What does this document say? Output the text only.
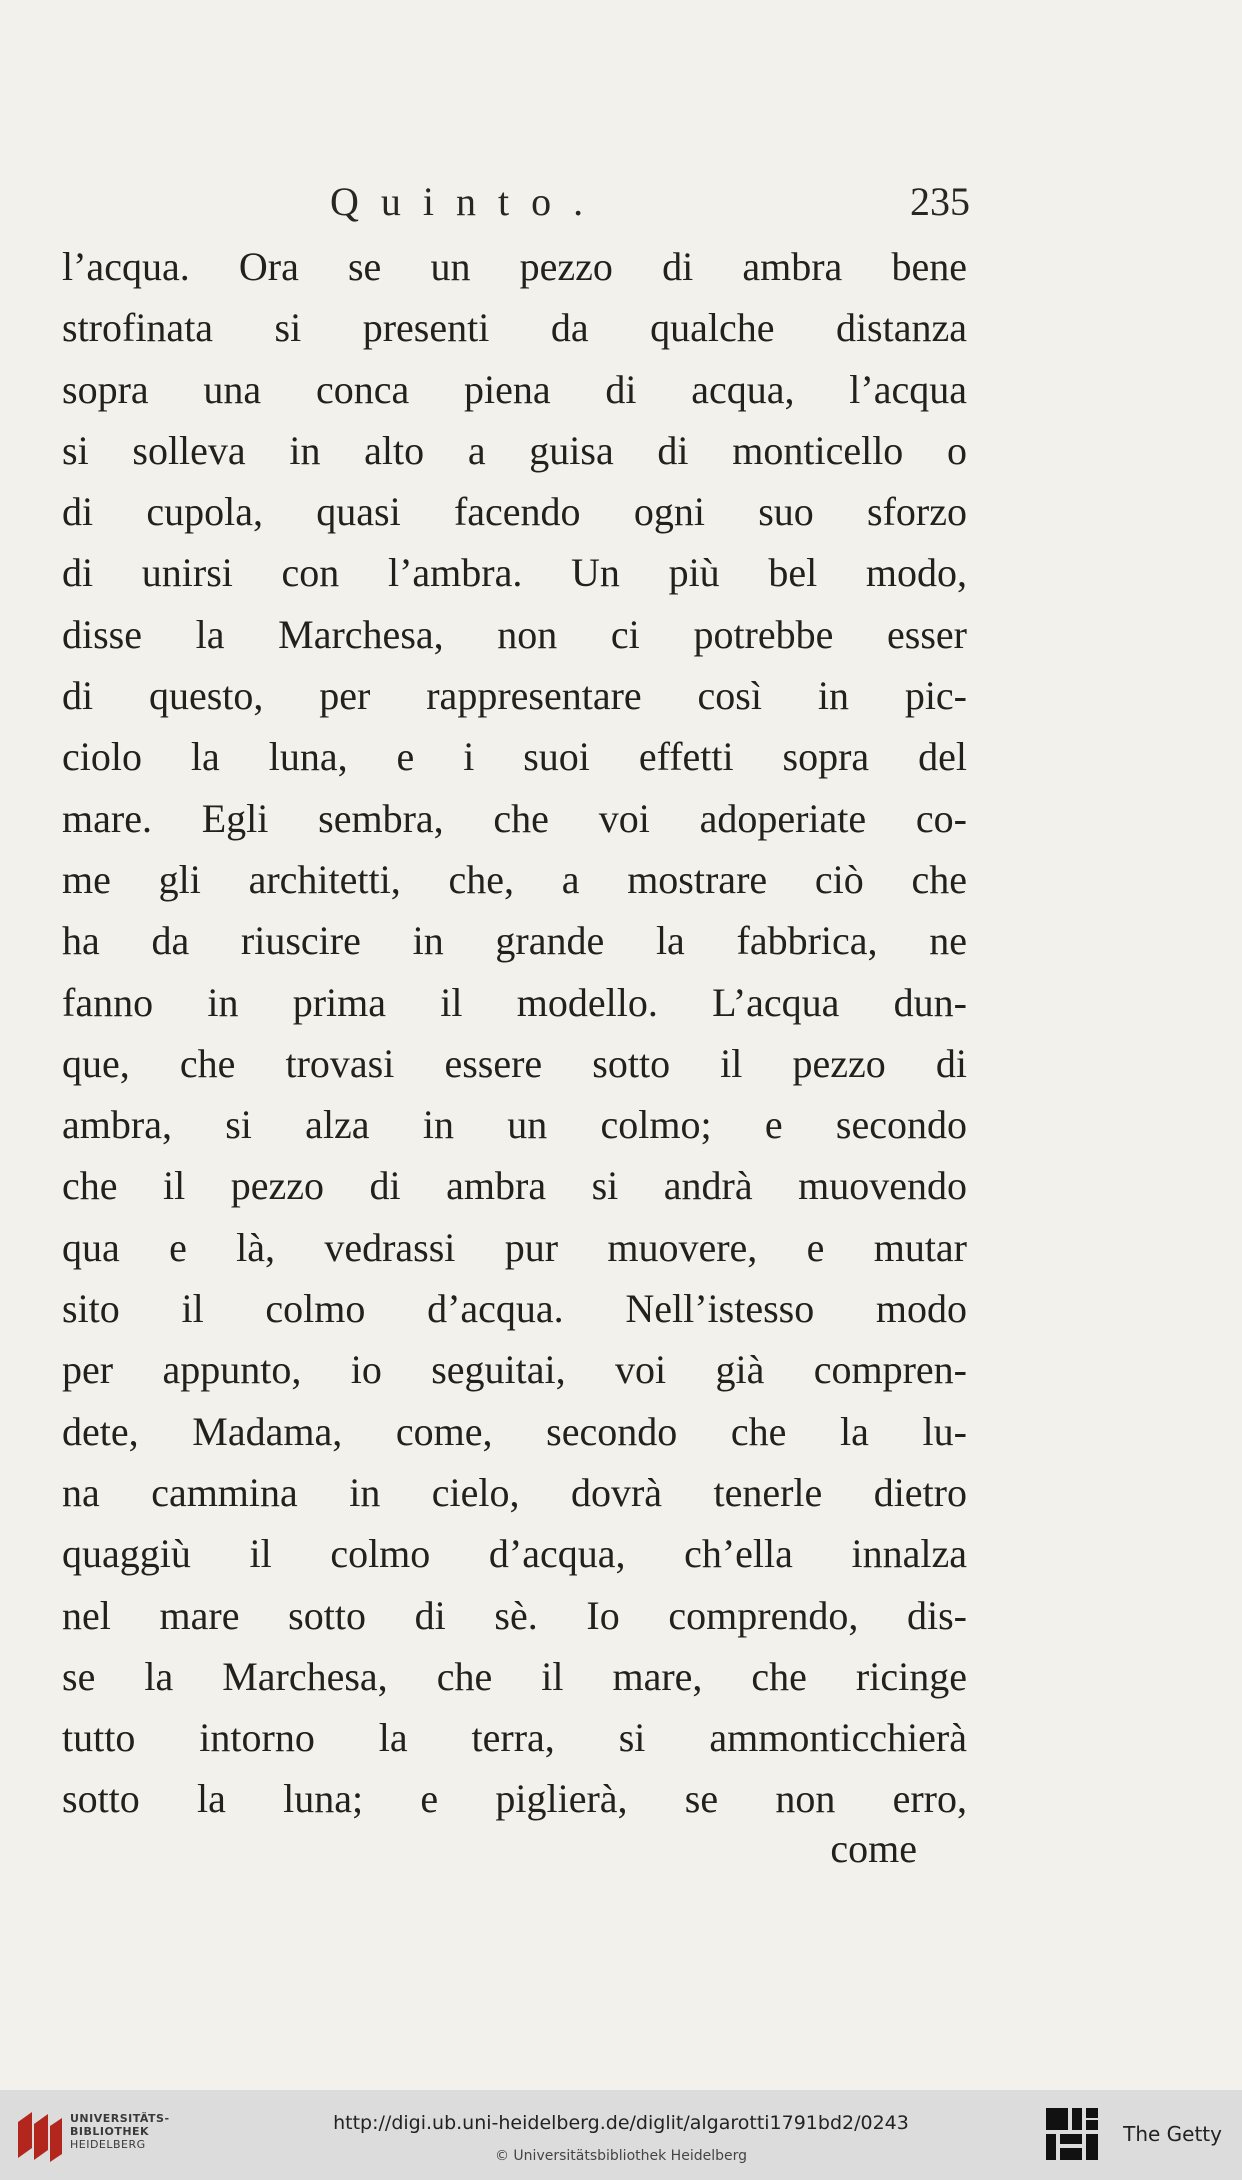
Quinto.	235
l’acqua. Ora se un pezzo di ambra bene
strofinata si presenti da qualche distanza
sopra una conca piena di acqua, l’acqua
si solleva in alto a guisa di monticello o
di cupola, quasi facendo ogni suo sforzo
di unirsi con l’ambra. Un più bel modo,
disse la Marchesa, non ci potrebbe esser
di questo, per rappresentare così in pic-
ciolo la luna, e i suoi effetti sopra del
mare. Egli sembra, che voi adoperiate co-
me gli architetti, che, a mostrare ciò che
ha da riuscire in grande la fabbrica, ne
fanno in prima il modello. L’acqua dun-
que, che trovasi essere sotto il pezzo di
ambra, si alza in un colmo; e secondo
che il pezzo di ambra si andrà muovendo
qua e là, vedrassi pur muovere, e mutar
sito il colmo d’acqua. Nell’istesso modo
per appunto, io seguitai, voi già compren-
dete, Madama, come, secondo che la lu-
na cammina in cielo, dovrà tenerle dietro
quaggiù il colmo d’acqua, ch’ella innalza
nel mare sotto di sè. Io comprendo, dis-
se la Marchesa, che il mare, che ricinge
tutto intorno la terra, si ammonticchierà
sotto la luna; e piglierà, se non erro,
come
UNIVERSITÄTS-
BIBLIOTHEK
HEIDELBERG
http://digi.ub.uni-heidelberg.de/diglit/algarotti1791bd2/0243
© Universitätsbibliothek Heidelberg
The Getty
